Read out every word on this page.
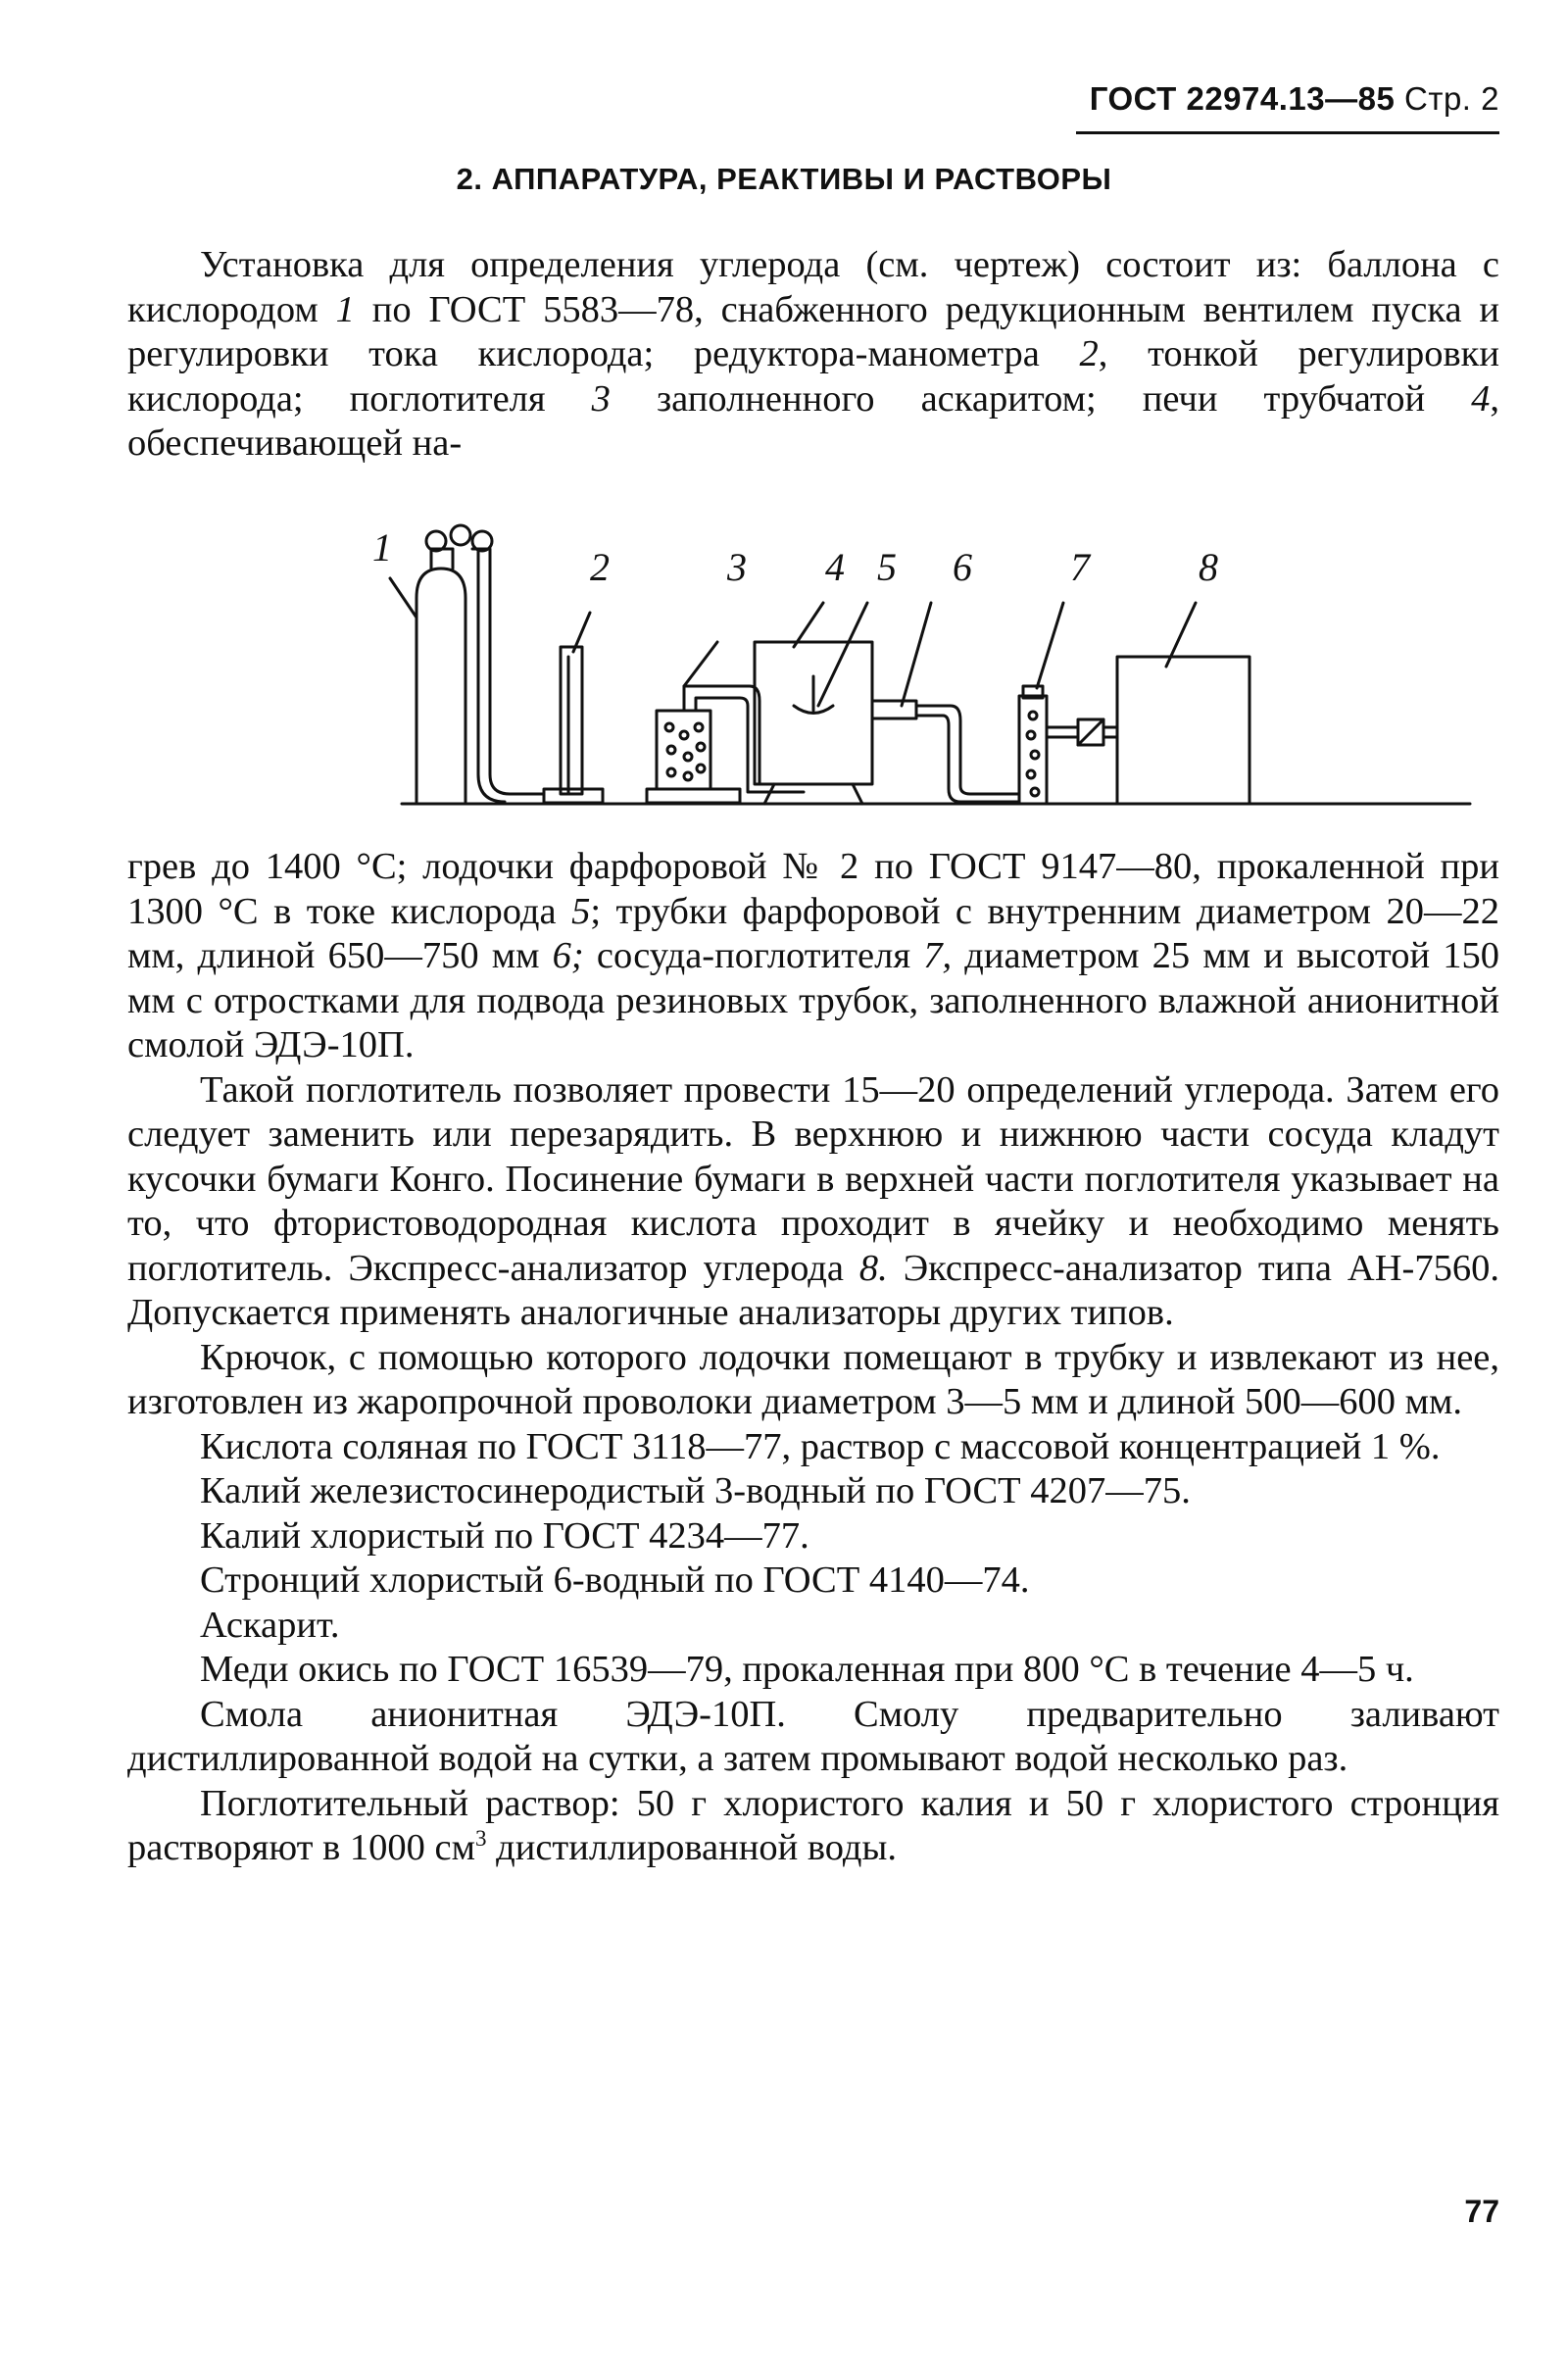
ГОСТ 22974.13—85 Стр. 2
2. АППАРАТУРА, РЕАКТИВЫ И РАСТВОРЫ

Установка для определения углерода (см. чертеж) состоит из: баллона с кислородом 1 по ГОСТ 5583—78, снабженного редукционным вентилем пуска и регулировки тока кислорода; редуктора-манометра 2, тонкой регулировки кислорода; поглотителя 3 заполненного аскаритом; печи трубчатой 4, обеспечивающей на-

1	2	3 4 5 6	7	8

грев до 1400 °С; лодочки фарфоровой № 2 по ГОСТ 9147—80, прокаленной при 1300 °С в токе кислорода 5; трубки фарфоровой с внутренним диаметром 20—22 мм, длиной 650—750 мм 6; сосуда-поглотителя 7, диаметром 25 мм и высотой 150 мм с отростками для подвода резиновых трубок, заполненного влажной анионитной смолой ЭДЭ-10П.

Такой поглотитель позволяет провести 15—20 определений углерода. Затем его следует заменить или перезарядить. В верхнюю и нижнюю части сосуда кладут кусочки бумаги Конго. Посинение бумаги в верхней части поглотителя указывает на то, что фтористоводородная кислота проходит в ячейку и необходимо менять поглотитель. Экспресс-анализатор углерода 8. Экспресс-анализатор типа АН-7560. Допускается применять аналогичные анализаторы других типов.

Крючок, с помощью которого лодочки помещают в трубку и извлекают из нее, изготовлен из жаропрочной проволоки диаметром 3—5 мм и длиной 500—600 мм.

Кислота соляная по ГОСТ 3118—77, раствор с массовой концентрацией 1 %.

Калий железистосинеродистый 3-водный по ГОСТ 4207—75.

Калий хлористый по ГОСТ 4234—77.

Стронций хлористый 6-водный по ГОСТ 4140—74.

Аскарит.

Меди окись по ГОСТ 16539—79, прокаленная при 800 °С в течение 4—5 ч.

Смола анионитная ЭДЭ-10П. Смолу предварительно заливают дистиллированной водой на сутки, а затем промывают водой несколько раз.

Поглотительный раствор: 50 г хлористого калия и 50 г хлористого стронция растворяют в 1000 $см^3$ дистиллированной воды.

77
